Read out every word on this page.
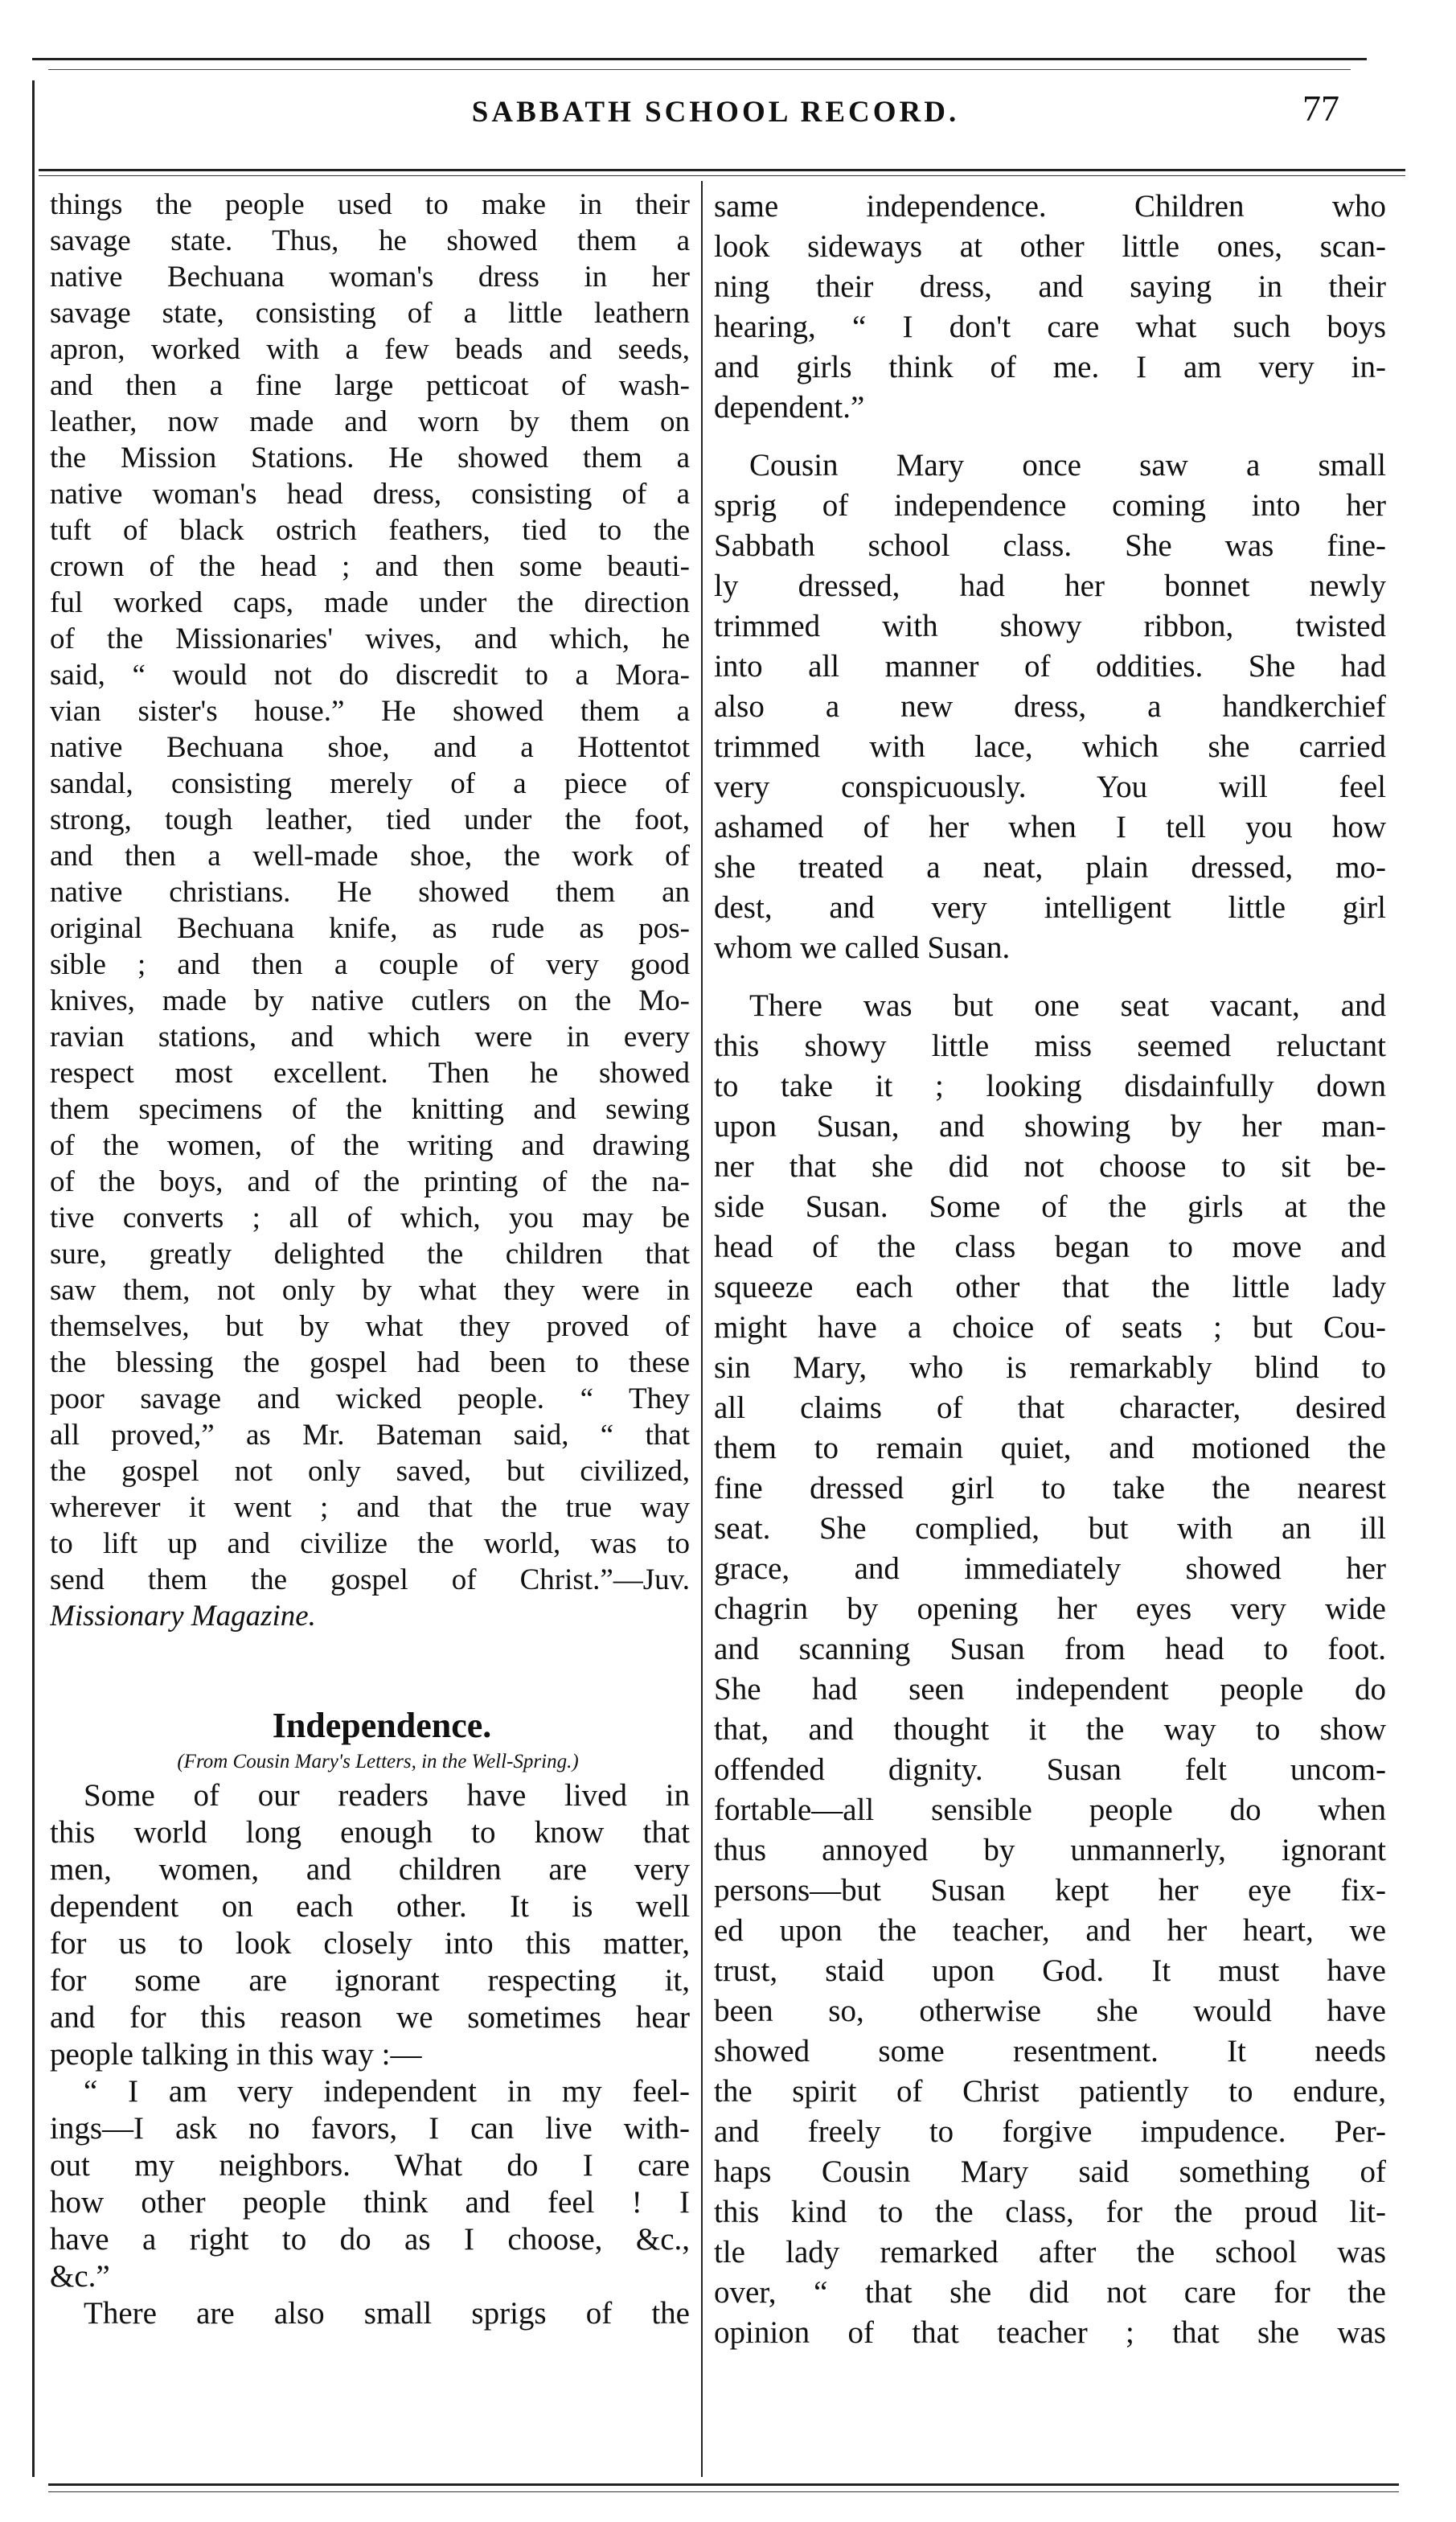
SABBATH SCHOOL RECORD.	77
things the people used to make in their
savage state. Thus, he showed them a
native Bechuana woman's dress in her
savage state, consisting of a little leathern
apron, worked with a few beads and seeds,
and then a fine large petticoat of wash-
leather, now made and worn by them on
the Mission Stations. He showed them a
native woman's head dress, consisting of a
tuft of black ostrich feathers, tied to the
crown of the head ; and then some beauti-
ful worked caps, made under the direction
of the Missionaries' wives, and which, he
said, “ would not do discredit to a Mora-
vian sister's house.” He showed them a
native Bechuana shoe, and a Hottentot
sandal, consisting merely of a piece of
strong, tough leather, tied under the foot,
and then a well-made shoe, the work of
native christians. He showed them an
original Bechuana knife, as rude as pos-
sible ; and then a couple of very good
knives, made by native cutlers on the Mo-
ravian stations, and which were in every
respect most excellent. Then he showed
them specimens of the knitting and sewing
of the women, of the writing and drawing
of the boys, and of the printing of the na-
tive converts ; all of which, you may be
sure, greatly delighted the children that
saw them, not only by what they were in
themselves, but by what they proved of
the blessing the gospel had been to these
poor savage and wicked people. “ They
all proved,” as Mr. Bateman said, “ that
the gospel not only saved, but civilized,
wherever it went ; and that the true way
to lift up and civilize the world, was to
send them the gospel of Christ.”—Juv.
Missionary Magazine.
Independence.
(From Cousin Mary's Letters, in the Well-Spring.)
Some of our readers have lived in
this world long enough to know that
men, women, and children are very
dependent on each other. It is well
for us to look closely into this matter,
for some are ignorant respecting it,
and for this reason we sometimes hear
people talking in this way :—
“ I am very independent in my feel-
ings—I ask no favors, I can live with-
out my neighbors. What do I care
how other people think and feel ! I
have a right to do as I choose, &c.,
&c.”
There are also small sprigs of the
same independence. Children who
look sideways at other little ones, scan-
ning their dress, and saying in their
hearing, “ I don't care what such boys
and girls think of me. I am very in-
dependent.”
Cousin Mary once saw a small
sprig of independence coming into her
Sabbath school class. She was fine-
ly dressed, had her bonnet newly
trimmed with showy ribbon, twisted
into all manner of oddities. She had
also a new dress, a handkerchief
trimmed with lace, which she carried
very conspicuously. You will feel
ashamed of her when I tell you how
she treated a neat, plain dressed, mo-
dest, and very intelligent little girl
whom we called Susan.
There was but one seat vacant, and
this showy little miss seemed reluctant
to take it ; looking disdainfully down
upon Susan, and showing by her man-
ner that she did not choose to sit be-
side Susan. Some of the girls at the
head of the class began to move and
squeeze each other that the little lady
might have a choice of seats ; but Cou-
sin Mary, who is remarkably blind to
all claims of that character, desired
them to remain quiet, and motioned the
fine dressed girl to take the nearest
seat. She complied, but with an ill
grace, and immediately showed her
chagrin by opening her eyes very wide
and scanning Susan from head to foot.
She had seen independent people do
that, and thought it the way to show
offended dignity. Susan felt uncom-
fortable—all sensible people do when
thus annoyed by unmannerly, ignorant
persons—but Susan kept her eye fix-
ed upon the teacher, and her heart, we
trust, staid upon God. It must have
been so, otherwise she would have
showed some resentment. It needs
the spirit of Christ patiently to endure,
and freely to forgive impudence. Per-
haps Cousin Mary said something of
this kind to the class, for the proud lit-
tle lady remarked after the school was
over, “ that she did not care for the
opinion of that teacher ; that she was
